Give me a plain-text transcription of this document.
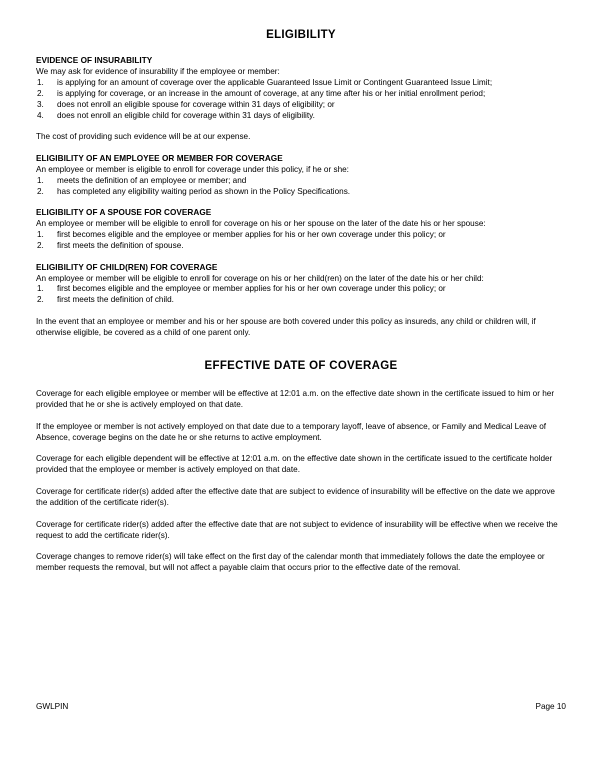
ELIGIBILITY
EVIDENCE OF INSURABILITY

We may ask for evidence of insurability if the employee or member:

1.	is applying for an amount of coverage over the applicable Guaranteed Issue Limit or Contingent Guaranteed Issue Limit;
2.	is applying for coverage, or an increase in the amount of coverage, at any time after his or her initial enrollment period;
3.	does not enroll an eligible spouse for coverage within 31 days of eligibility; or
4.	does not enroll an eligible child for coverage within 31 days of eligibility.

The cost of providing such evidence will be at our expense.

ELIGIBILITY OF AN EMPLOYEE OR MEMBER FOR COVERAGE

An employee or member is eligible to enroll for coverage under this policy, if he or she:

1.	meets the definition of an employee or member; and
2.	has completed any eligibility waiting period as shown in the Policy Specifications.
ELIGIBILITY OF A SPOUSE FOR COVERAGE

An employee or member will be eligible to enroll for coverage on his or her spouse on the later of the date his or her spouse:

1.	first becomes eligible and the employee or member applies for his or her own coverage under this policy; or
2.	first meets the definition of spouse.
ELIGIBILITY OF CHILD(REN) FOR COVERAGE

An employee or member will be eligible to enroll for coverage on his or her child(ren) on the later of the date his or her child:

1.	first becomes eligible and the employee or member applies for his or her own coverage under this policy; or
2.	first meets the definition of child.

In the event that an employee or member and his or her spouse are both covered under this policy as insureds, any child or children will, if otherwise eligible, be covered as a child of one parent only.

EFFECTIVE DATE OF COVERAGE

Coverage for each eligible employee or member will be effective at 12:01 a.m. on the effective date shown in the certificate issued to him or her provided that he or she is actively employed on that date.

If the employee or member is not actively employed on that date due to a temporary layoff, leave of absence, or Family and Medical Leave of Absence, coverage begins on the date he or she returns to active employment.

Coverage for each eligible dependent will be effective at 12:01 a.m. on the effective date shown in the certificate issued to the certificate holder provided that the employee or member is actively employed on that date.

Coverage for certificate rider(s) added after the effective date that are subject to evidence of insurability will be effective on the date we approve the addition of the certificate rider(s).

Coverage for certificate rider(s) added after the effective date that are not subject to evidence of insurability will be effective when we receive the request to add the certificate rider(s).

Coverage changes to remove rider(s) will take effect on the first day of the calendar month that immediately follows the date the employee or member requests the removal, but will not affect a payable claim that occurs prior to the effective date of the removal.

GWLPIN	Page 10
